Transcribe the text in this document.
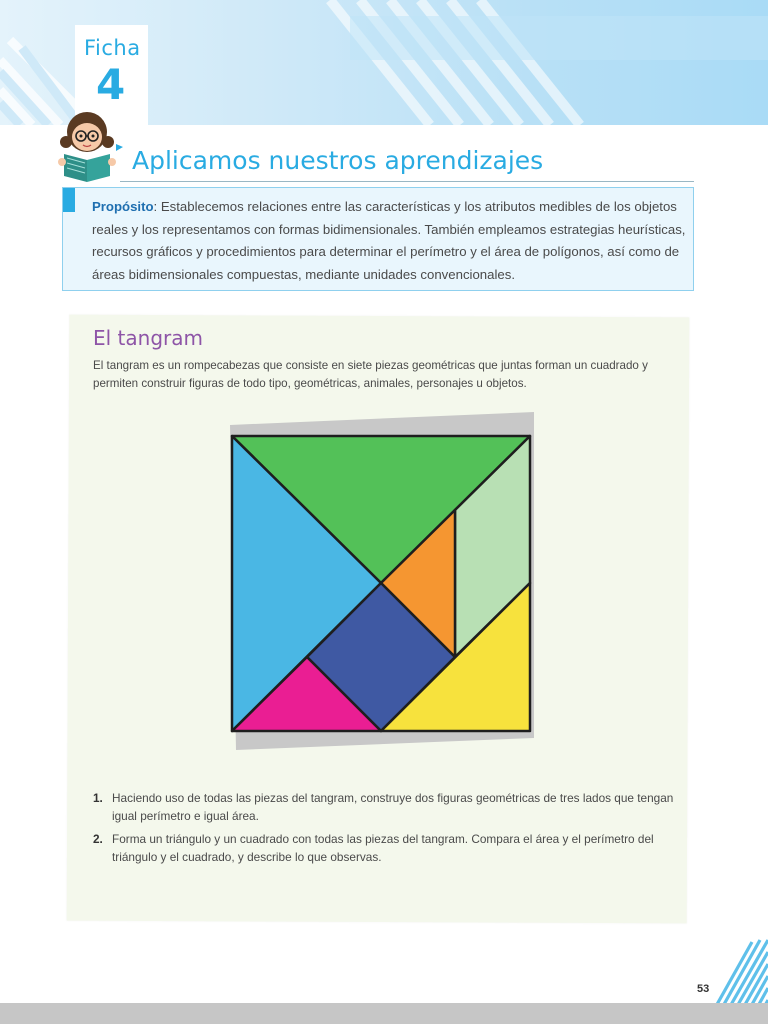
Ficha
4
Aplicamos nuestros aprendizajes
Propósito: Establecemos relaciones entre las características y los atributos medibles de los objetos reales y los representamos con formas bidimensionales. También empleamos estrategias heurísticas, recursos gráficos y procedimientos para determinar el perímetro y el área de polígonos, así como de áreas bidimensionales compuestas, mediante unidades convencionales.
El tangram
El tangram es un rompecabezas que consiste en siete piezas geométricas que juntas forman un cuadrado y permiten construir figuras de todo tipo, geométricas, animales, personajes u objetos.
1. Haciendo uso de todas las piezas del tangram, construye dos figuras geométricas de tres lados que tengan igual perímetro e igual área.
2. Forma un triángulo y un cuadrado con todas las piezas del tangram. Compara el área y el perímetro del triángulo y el cuadrado, y describe lo que observas.
53
